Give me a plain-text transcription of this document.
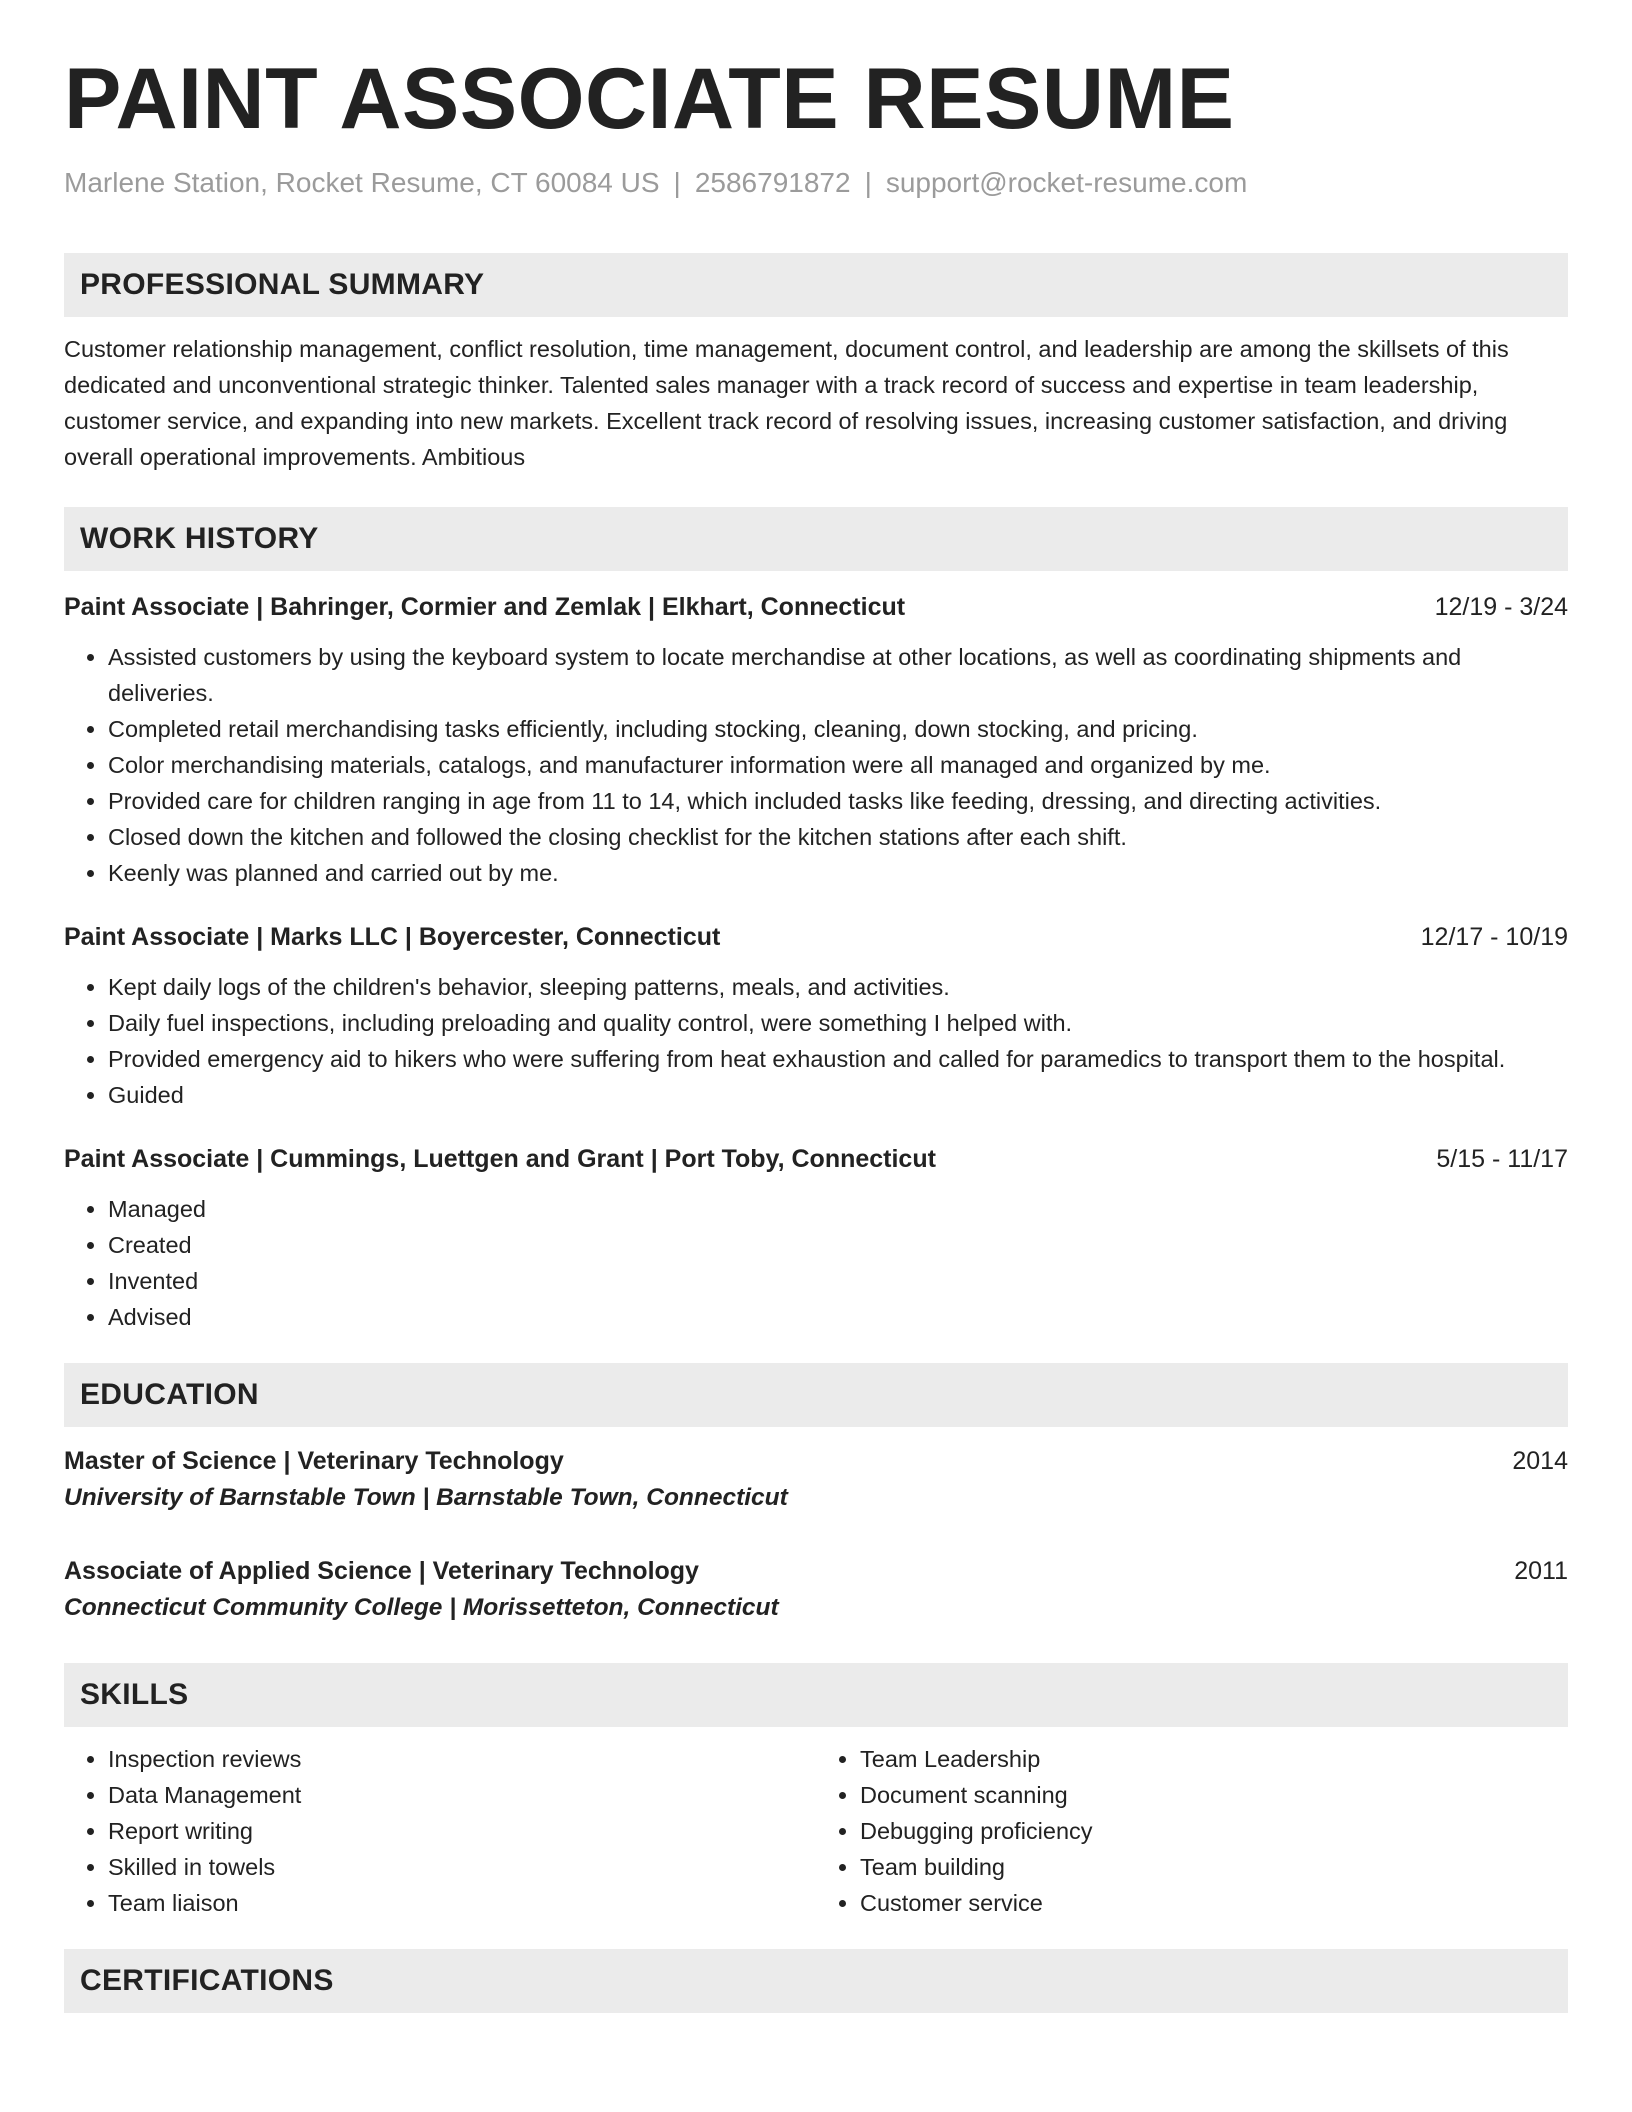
PAINT ASSOCIATE RESUME
Marlene Station, Rocket Resume, CT 60084 US | 2586791872 | support@rocket-resume.com
PROFESSIONAL SUMMARY
Customer relationship management, conflict resolution, time management, document control, and leadership are among the skillsets of this dedicated and unconventional strategic thinker. Talented sales manager with a track record of success and expertise in team leadership, customer service, and expanding into new markets. Excellent track record of resolving issues, increasing customer satisfaction, and driving overall operational improvements. Ambitious
WORK HISTORY
Paint Associate | Bahringer, Cormier and Zemlak | Elkhart, Connecticut	12/19 - 3/24
• Assisted customers by using the keyboard system to locate merchandise at other locations, as well as coordinating shipments and deliveries.
• Completed retail merchandising tasks efficiently, including stocking, cleaning, down stocking, and pricing.
• Color merchandising materials, catalogs, and manufacturer information were all managed and organized by me.
• Provided care for children ranging in age from 11 to 14, which included tasks like feeding, dressing, and directing activities.
• Closed down the kitchen and followed the closing checklist for the kitchen stations after each shift.
• Keenly was planned and carried out by me.
Paint Associate | Marks LLC | Boyercester, Connecticut	12/17 - 10/19
• Kept daily logs of the children's behavior, sleeping patterns, meals, and activities.
• Daily fuel inspections, including preloading and quality control, were something I helped with.
• Provided emergency aid to hikers who were suffering from heat exhaustion and called for paramedics to transport them to the hospital.
• Guided
Paint Associate | Cummings, Luettgen and Grant | Port Toby, Connecticut	5/15 - 11/17
• Managed
• Created
• Invented
• Advised
EDUCATION
Master of Science | Veterinary Technology	2014
University of Barnstable Town | Barnstable Town, Connecticut
Associate of Applied Science | Veterinary Technology	2011
Connecticut Community College | Morissetteton, Connecticut
SKILLS
• Inspection reviews
• Data Management
• Report writing
• Skilled in towels
• Team liaison
• Team Leadership
• Document scanning
• Debugging proficiency
• Team building
• Customer service
CERTIFICATIONS
